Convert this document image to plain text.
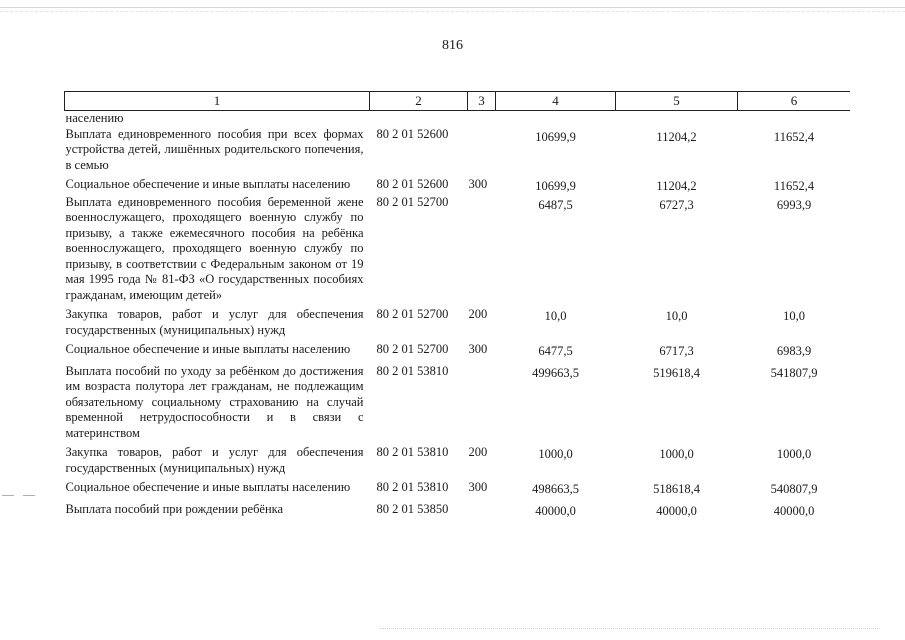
816
— —
1	2	3	4	5	6
населению					
Выплата единовременного пособия при всех формах устройства детей, лишённых родительского попечения, в семью	80 2 01 52600		10699,9	11204,2	11652,4
Социальное обеспечение и иные выплаты населению	80 2 01 52600	300	10699,9	11204,2	11652,4
Выплата единовременного пособия беременной жене военнослужащего, проходящего военную службу по призыву, а также ежемесячного пособия на ребёнка военнослужащего, проходящего военную службу по призыву, в соответствии с Федеральным законом от 19 мая 1995 года № 81-ФЗ «О государственных пособиях гражданам, имеющим детей»	80 2 01 52700		6487,5	6727,3	6993,9
Закупка товаров, работ и услуг для обеспечения государственных (муниципальных) нужд	80 2 01 52700	200	10,0	10,0	10,0
Социальное обеспечение и иные выплаты населению	80 2 01 52700	300	6477,5	6717,3	6983,9
Выплата пособий по уходу за ребёнком до достижения им возраста полутора лет гражданам, не подлежащим обязательному социальному страхованию на случай временной нетрудоспособности и в связи с материнством	80 2 01 53810		499663,5	519618,4	541807,9
Закупка товаров, работ и услуг для обеспечения государственных (муниципальных) нужд	80 2 01 53810	200	1000,0	1000,0	1000,0
Социальное обеспечение и иные выплаты населению	80 2 01 53810	300	498663,5	518618,4	540807,9
Выплата пособий при рождении ребёнка	80 2 01 53850		40000,0	40000,0	40000,0
